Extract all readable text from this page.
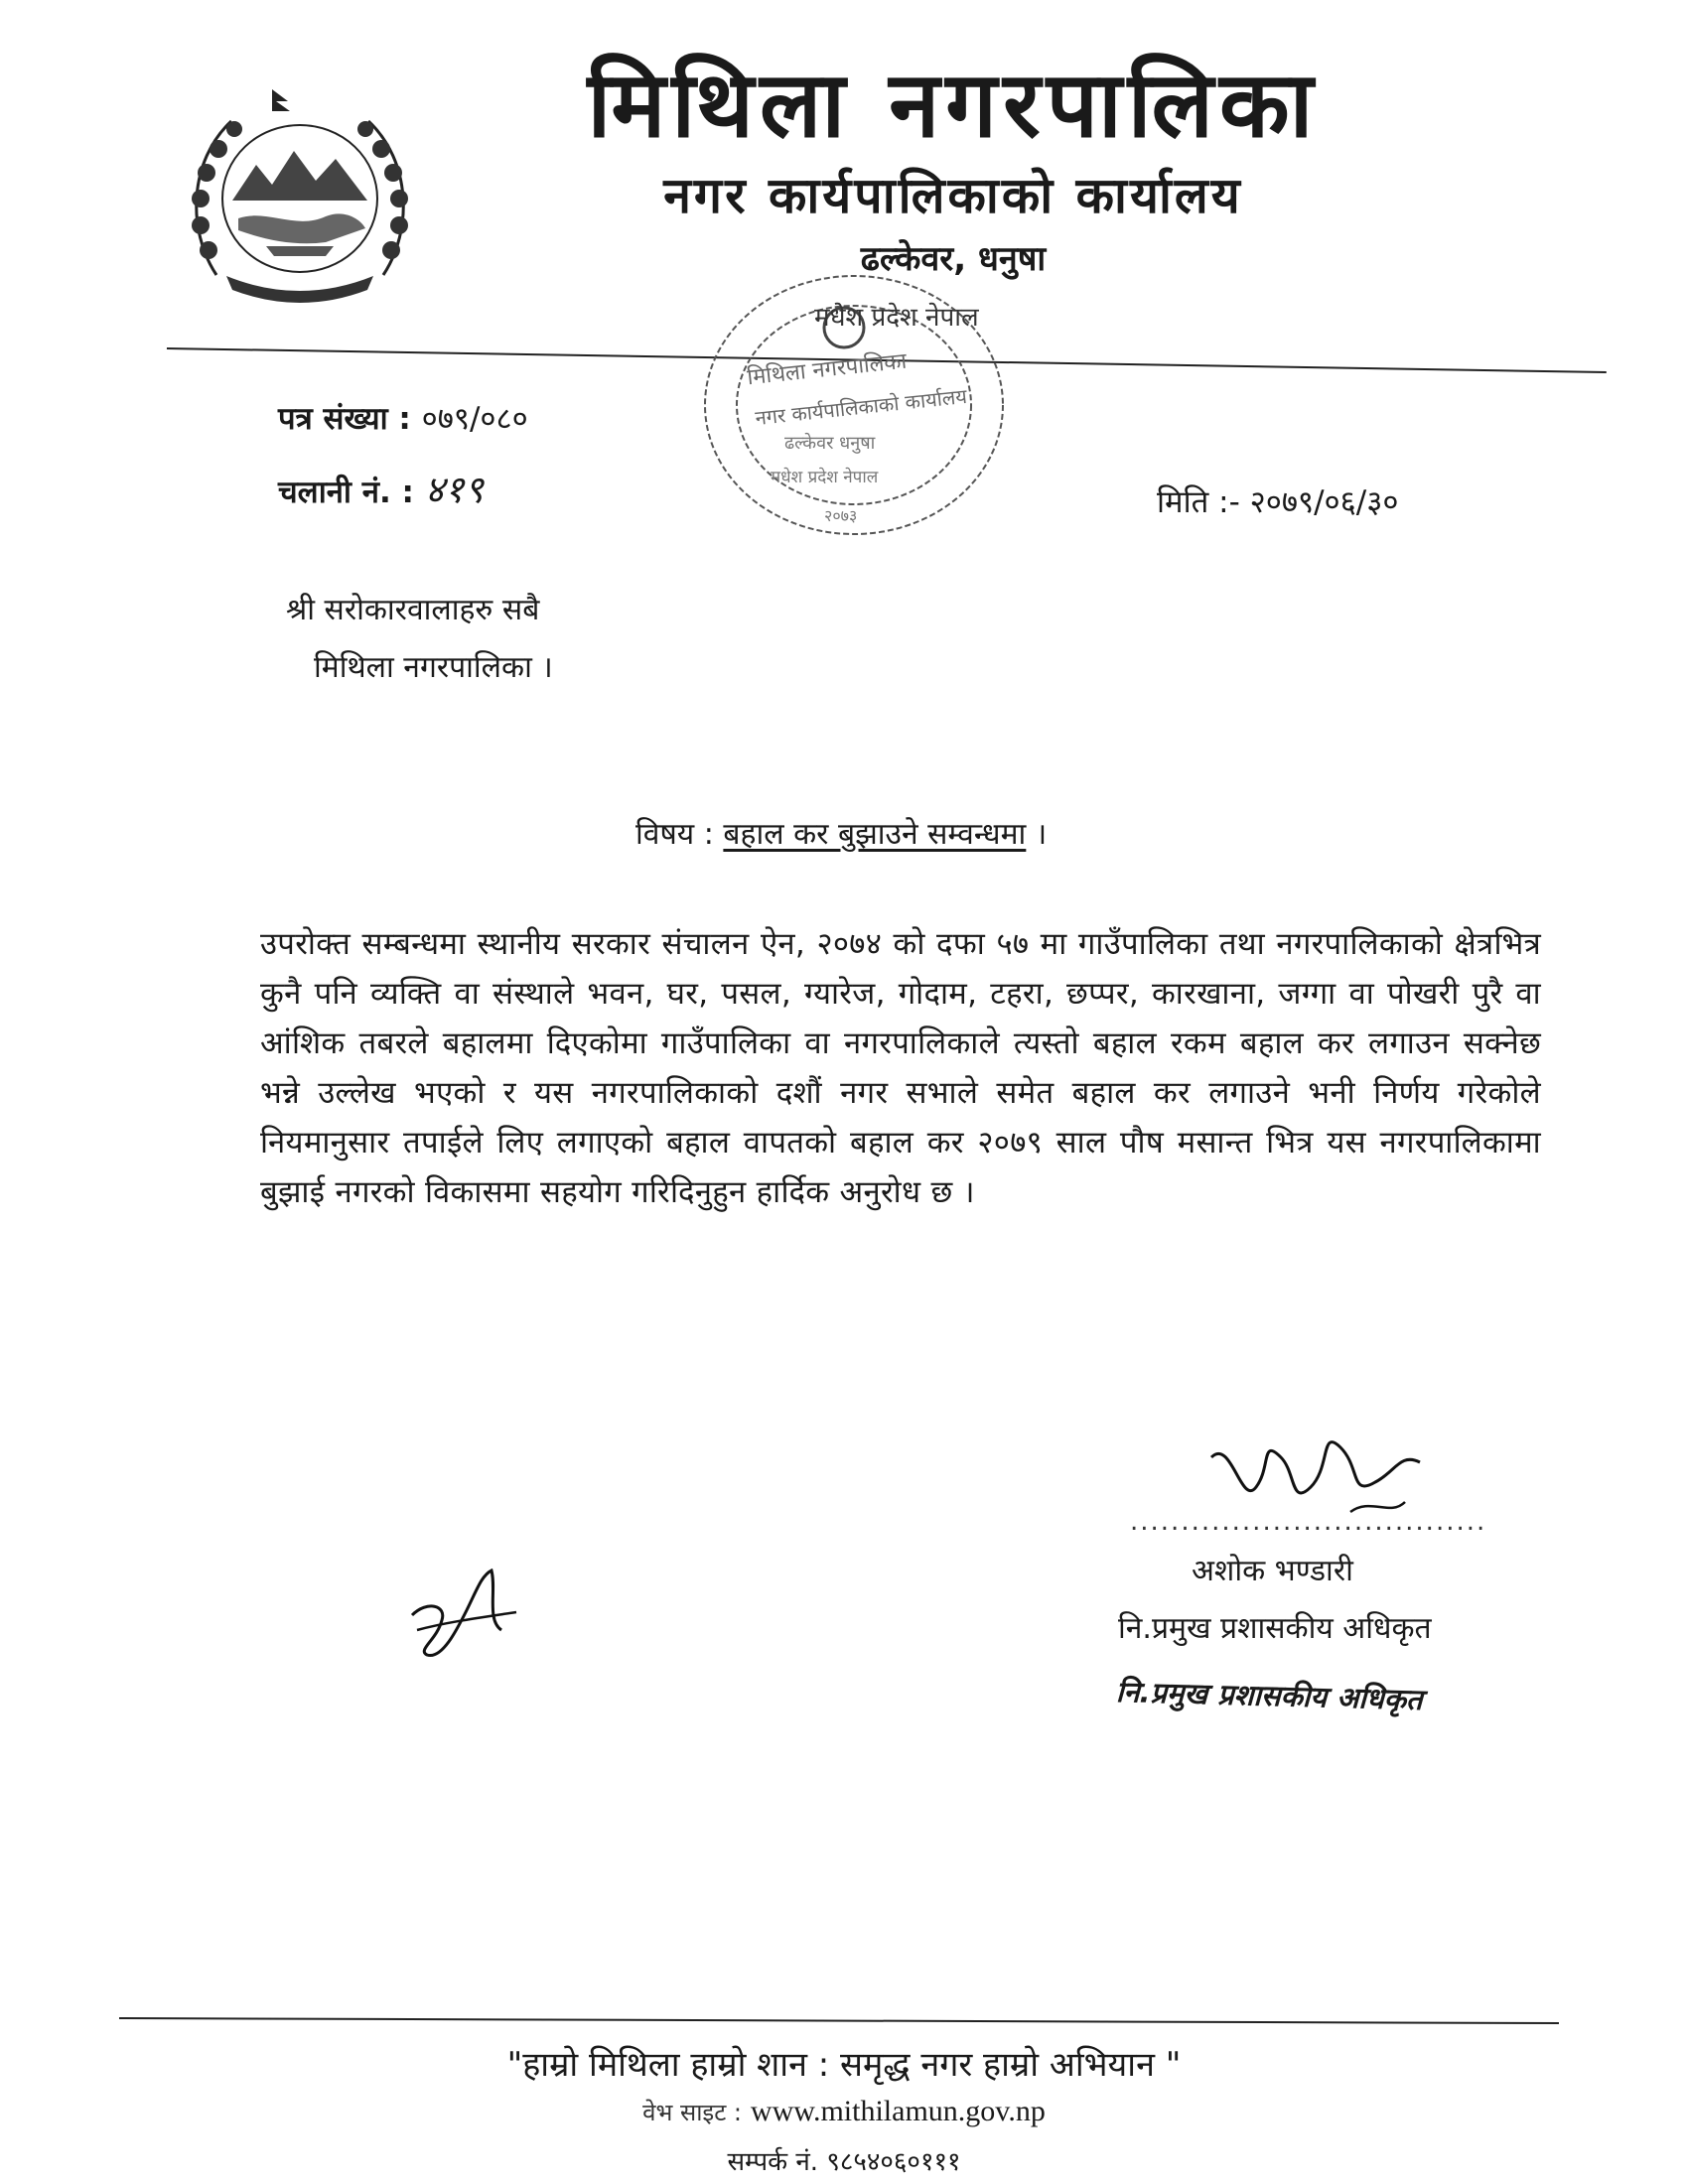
मिथिला नगरपालिका
नगर कार्यपालिकाको कार्यालय
ढल्केवर, धनुषा
मधेश प्रदेश नेपाल
मिथिला नगरपालिका
नगर कार्यपालिकाको कार्यालय
ढल्केवर धनुषा
मधेश प्रदेश नेपाल
२०७३
पत्र संख्या : ०७९/०८०
चलानी नं. : ४१९	मिति :- २०७९/०६/३०
श्री सरोकारवालाहरु सबै
मिथिला नगरपालिका ।
विषय : बहाल कर बुझाउने सम्वन्धमा ।
उपरोक्त सम्बन्धमा स्थानीय सरकार संचालन ऐन, २०७४ को दफा ५७ मा गाउँपालिका तथा नगरपालिकाको क्षेत्रभित्र कुनै पनि व्यक्ति वा संस्थाले भवन, घर, पसल, ग्यारेज, गोदाम, टहरा, छप्पर, कारखाना, जग्गा वा पोखरी पुरै वा आंशिक तबरले बहालमा दिएकोमा गाउँपालिका वा नगरपालिकाले त्यस्तो बहाल रकम बहाल कर लगाउन सक्नेछ भन्ने उल्लेख भएको र यस नगरपालिकाको दशौं नगर सभाले समेत बहाल कर लगाउने भनी निर्णय गरेकोले नियमानुसार तपाईले लिए लगाएको बहाल वापतको बहाल कर २०७९ साल पौष मसान्त भित्र यस नगरपालिकामा बुझाई नगरको विकासमा सहयोग गरिदिनुहुन हार्दिक अनुरोध छ ।
...................................
अशोक भण्डारी
नि.प्रमुख प्रशासकीय अधिकृत
नि.प्रमुख प्रशासकीय अधिकृत
"हाम्रो मिथिला हाम्रो शान : समृद्ध नगर हाम्रो अभियान "
वेभ साइट : www.mithilamun.gov.np
सम्पर्क नं. ९८५४०६०१११
